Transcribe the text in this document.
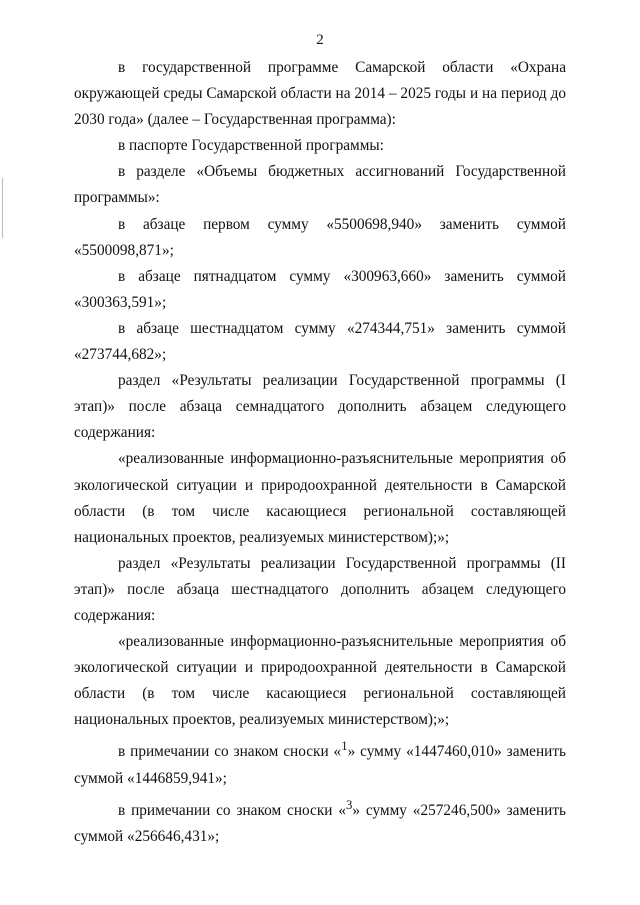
2

в государственной программе Самарской области «Охрана окружающей среды Самарской области на 2014 – 2025 годы и на период до 2030 года» (далее – Государственная программа):

в паспорте Государственной программы:

в разделе «Объемы бюджетных ассигнований Государственной программы»:

в абзаце первом сумму «5500698,940» заменить суммой «5500098,871»;

в абзаце пятнадцатом сумму «300963,660» заменить суммой «300363,591»;

в абзаце шестнадцатом сумму «274344,751» заменить суммой «273744,682»;

раздел «Результаты реализации Государственной программы (I этап)» после абзаца семнадцатого дополнить абзацем следующего содержания:

«реализованные информационно-разъяснительные мероприятия об экологической ситуации и природоохранной деятельности в Самарской области (в том числе касающиеся региональной составляющей национальных проектов, реализуемых министерством);»;

раздел «Результаты реализации Государственной программы (II этап)» после абзаца шестнадцатого дополнить абзацем следующего содержания:

«реализованные информационно-разъяснительные мероприятия об экологической ситуации и природоохранной деятельности в Самарской области (в том числе касающиеся региональной составляющей национальных проектов, реализуемых министерством);»;

в примечании со знаком сноски «$^1$» сумму «1447460,010» заменить суммой «1446859,941»;

в примечании со знаком сноски «$^3$» сумму «257246,500» заменить суммой «256646,431»;
